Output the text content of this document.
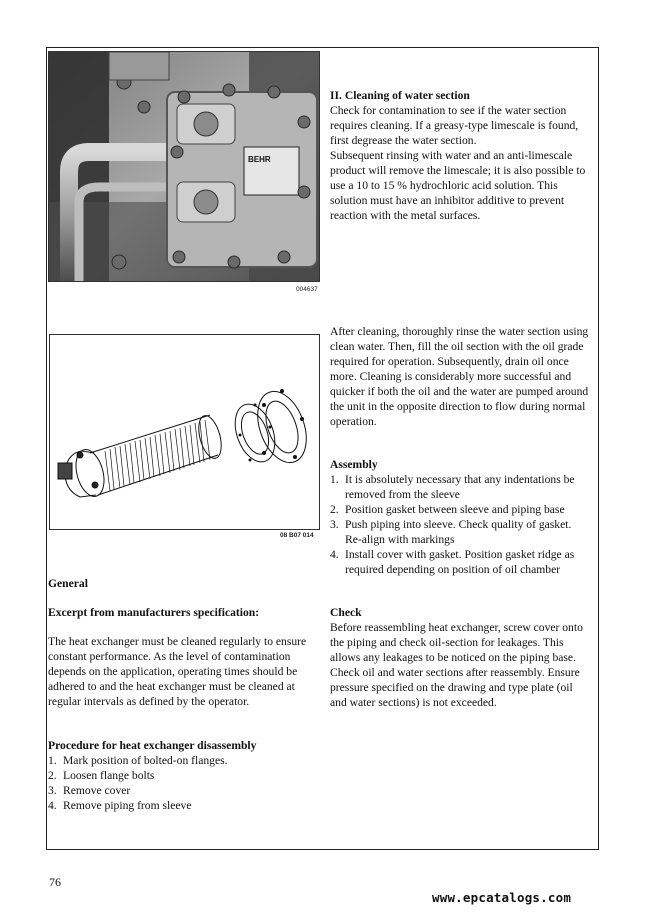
BEHR
004637
08 B07 014
II. Cleaning of water section
Check for contamination to see if the water section
requires cleaning. If a greasy-type limescale is found,
first degrease the water section.
Subsequent rinsing with water and an anti-limescale
product will remove the limescale; it is also possible to
use a 10 to 15 % hydrochloric acid solution. This
solution must have an inhibitor additive to prevent
reaction with the metal surfaces.
After cleaning, thoroughly rinse the water section using
clean water. Then, fill the oil section with the oil grade
required for operation. Subsequently, drain oil once
more. Cleaning is considerably more successful and
quicker if both the oil and the water are pumped around
the unit in the opposite direction to flow during normal
operation.
Assembly
1. It is absolutely necessary that any indentations be
removed from the sleeve
2. Position gasket between sleeve and piping base
3. Push piping into sleeve. Check quality of gasket.
Re-align with markings
4. Install cover with gasket. Position gasket ridge as
required depending on position of oil chamber
Check
Before reassembling heat exchanger, screw cover onto
the piping and check oil-section for leakages. This
allows any leakages to be noticed on the piping base.
Check oil and water sections after reassembly. Ensure
pressure specified on the drawing and type plate (oil
and water sections) is not exceeded.
General
Excerpt from manufacturers specification:
The heat exchanger must be cleaned regularly to ensure
constant performance. As the level of contamination
depends on the application, operating times should be
adhered to and the heat exchanger must be cleaned at
regular intervals as defined by the operator.
Procedure for heat exchanger disassembly
1. Mark position of bolted-on flanges.
2. Loosen flange bolts
3. Remove cover
4. Remove piping from sleeve
76
www.epcatalogs.com
